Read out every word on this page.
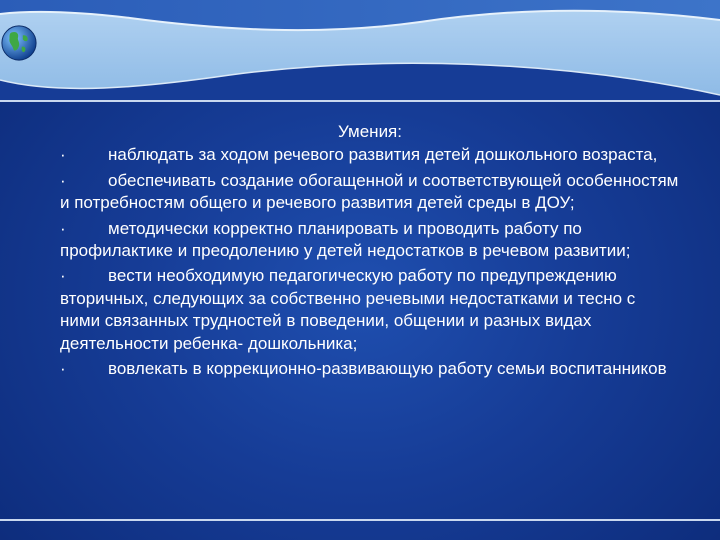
Умения:
· наблюдать за ходом речевого развития детей дошкольного возраста,
· обеспечивать создание обогащенной и соответствующей особенностям и потребностям общего и речевого развития детей среды в ДОУ;
· методически корректно планировать и проводить работу по профилактике и преодолению у детей недостатков в речевом развитии;
· вести необходимую педагогическую работу по предупреждению вторичных, следующих за собственно речевыми недостатками и тесно с ними связанных трудностей в поведении, общении и разных видах деятельности ребенка- дошкольника;
· вовлекать в коррекционно-развивающую работу семьи воспитанников
